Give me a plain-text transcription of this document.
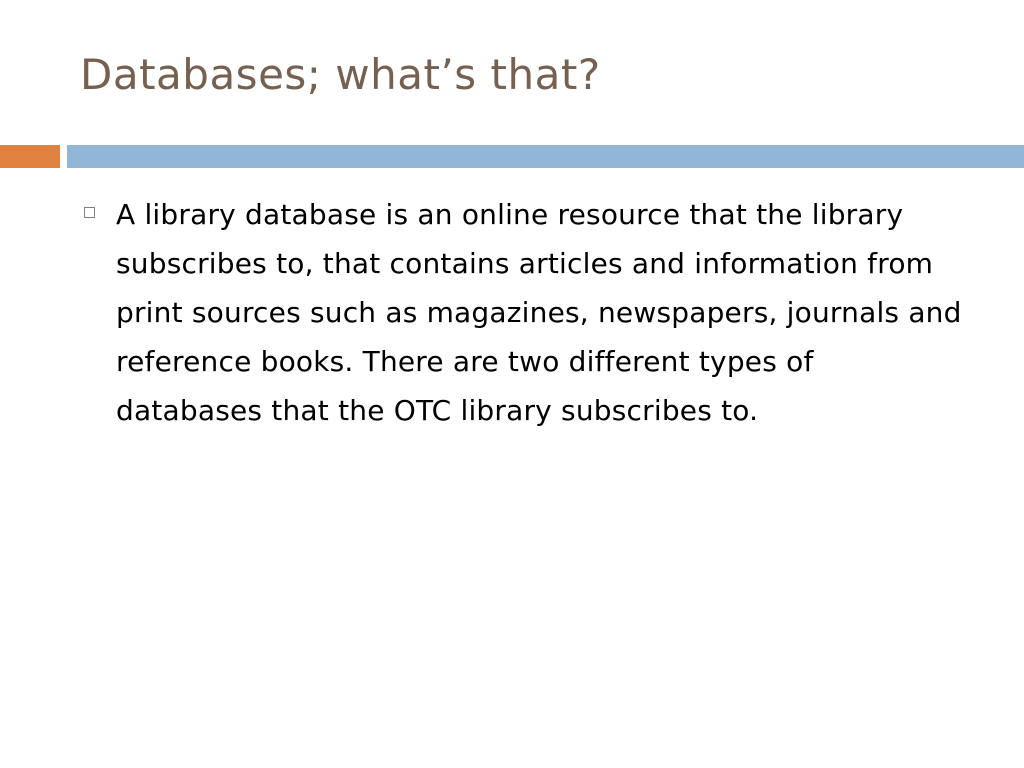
Databases; what’s that?
A library database is an online resource that the library subscribes to, that contains articles and information from print sources such as magazines, newspapers, journals and reference books. There are two different types of databases that the OTC library subscribes to.
